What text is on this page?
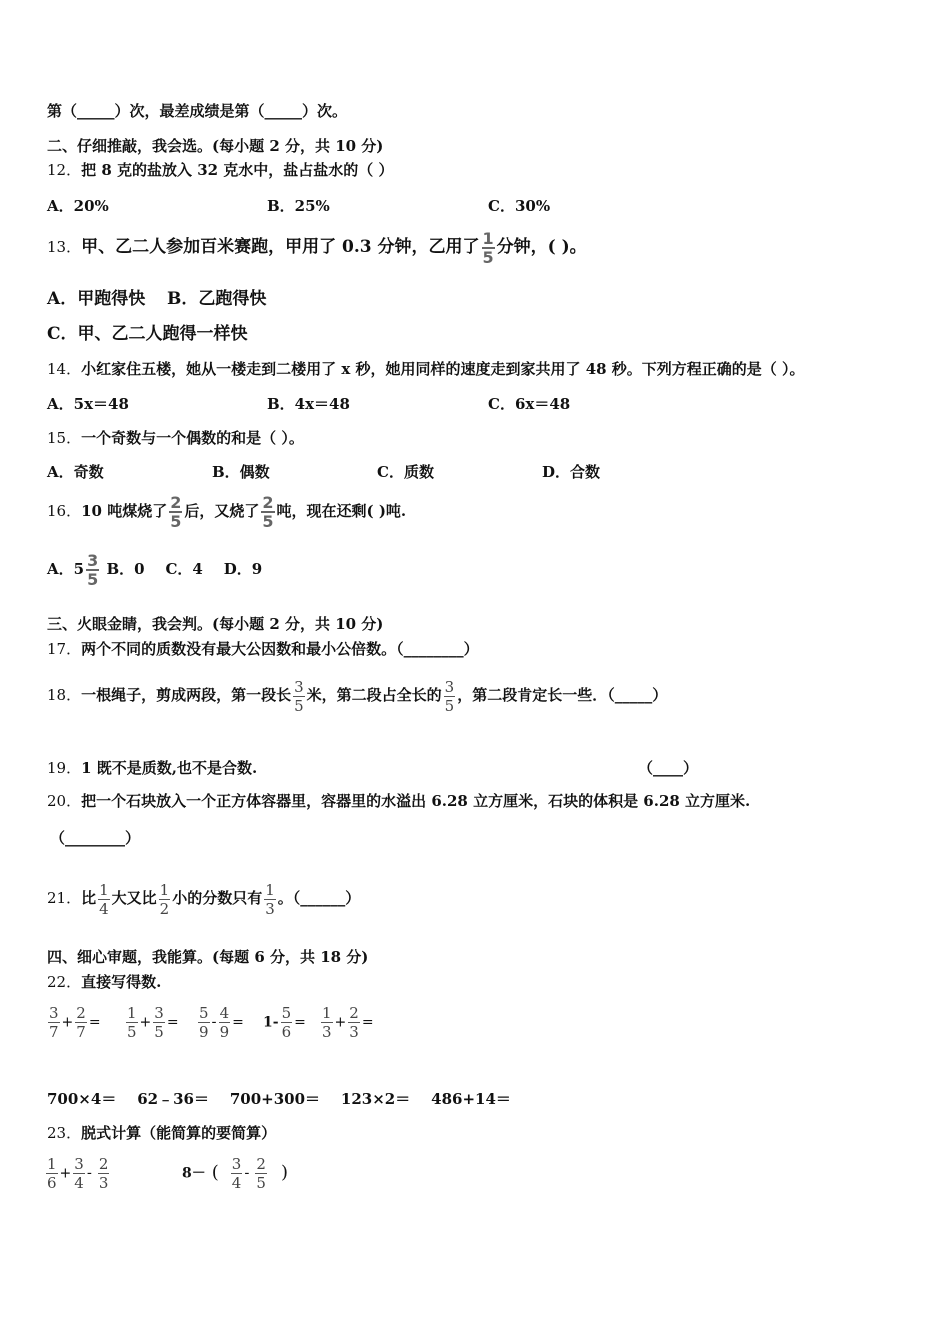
第（_____）次，最差成绩是第（_____）次。
二、仔细推敲，我会选。(每小题 2 分，共 10 分)
12．把 8 克的盐放入 32 克水中，盐占盐水的（ ）
A．20%	B．25%	C．30%
13．甲、乙二人参加百米赛跑，甲用了 0.3 分钟，乙用了 $\frac{1}{5}$ 分钟，( )。
A．甲跑得快 B．乙跑得快
C．甲、乙二人跑得一样快
14．小红家住五楼，她从一楼走到二楼用了 x 秒，她用同样的速度走到家共用了 48 秒。下列方程正确的是（ ）。
A．5x＝48	B．4x＝48	C．6x＝48
15．一个奇数与一个偶数的和是（ ）。
A．奇数	B．偶数	C．质数	D．合数
16．10 吨煤烧了 $\frac{2}{5}$ 后，又烧了 $\frac{2}{5}$ 吨，现在还剩( )吨.
A．$5 \frac{3}{5}$ B．0    C．4    D．9
三、火眼金睛，我会判。(每小题 2 分，共 10 分)
17．两个不同的质数没有最大公因数和最小公倍数。（________）
18．一根绳子，剪成两段，第一段长 $\frac{3}{5}$ 米，第二段占全长的 $\frac{3}{5}$ ，第二段肯定长一些．（_____）
19．1 既不是质数,也不是合数.	（____）
20．把一个石块放入一个正方体容器里，容器里的水溢出 6.28 立方厘米，石块的体积是 6.28 立方厘米.
（________）
21．比 $\frac{1}{4}$ 大又比 $\frac{1}{2}$ 小的分数只有 $\frac{1}{3}$ 。（______）
四、细心审题，我能算。(每题 6 分，共 18 分)
22．直接写得数.
$\frac{3}{7} + \frac{2}{7} = \frac{1}{5} + \frac{3}{5} = \frac{5}{9} - \frac{4}{9} = 1- \frac{5}{6} = \frac{1}{3} + \frac{2}{3}$ =
700×4＝    62﹣36＝    700+300＝    123×2＝    486+14＝
23．脱式计算（能简算的要简算）
$\frac{1}{6} + \frac{3}{4} - \frac{2}{3}$	8－ ( $\frac{3}{4} - \frac{2}{5}$ )
